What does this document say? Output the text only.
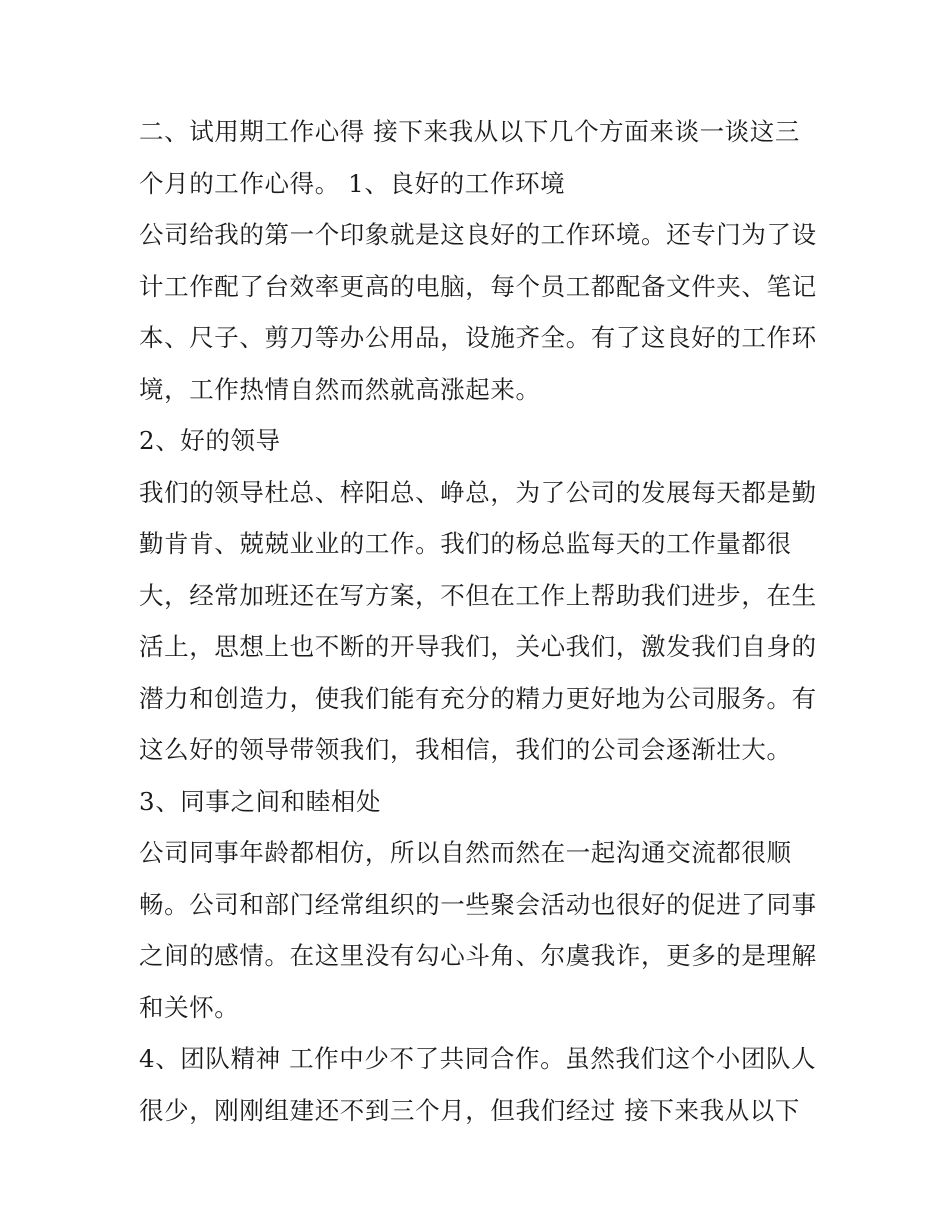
二、试用期工作心得 接下来我从以下几个方面来谈一谈这三
个月的工作心得。 1、良好的工作环境
公司给我的第一个印象就是这良好的工作环境。还专门为了设
计工作配了台效率更高的电脑，每个员工都配备文件夹、笔记
本、尺子、剪刀等办公用品，设施齐全。有了这良好的工作环
境，工作热情自然而然就高涨起来。
2、好的领导
我们的领导杜总、梓阳总、峥总，为了公司的发展每天都是勤
勤肯肯、兢兢业业的工作。我们的杨总监每天的工作量都很
大，经常加班还在写方案，不但在工作上帮助我们进步，在生
活上，思想上也不断的开导我们，关心我们，激发我们自身的
潜力和创造力，使我们能有充分的精力更好地为公司服务。有
这么好的领导带领我们，我相信，我们的公司会逐渐壮大。
3、同事之间和睦相处
公司同事年龄都相仿，所以自然而然在一起沟通交流都很顺
畅。公司和部门经常组织的一些聚会活动也很好的促进了同事
之间的感情。在这里没有勾心斗角、尔虞我诈，更多的是理解
和关怀。
4、团队精神 工作中少不了共同合作。虽然我们这个小团队人
很少，刚刚组建还不到三个月，但我们经过 接下来我从以下
